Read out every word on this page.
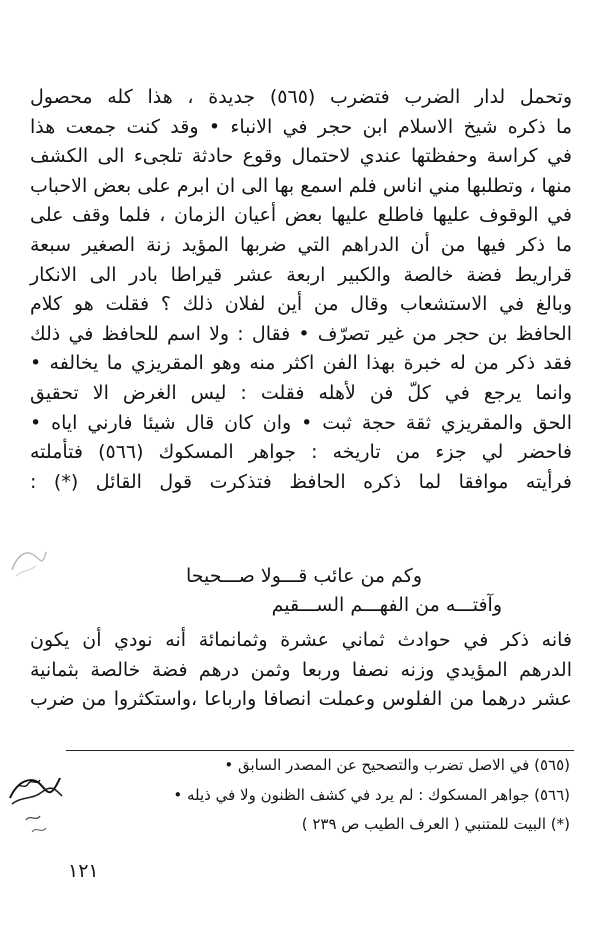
وتحمل لدار الضرب فتضرب (٥٦٥) جديدة ، هذا كله محصول
ما ذكره شيخ الاسلام ابن حجر في الانباء • وقد كنت جمعت هذا
في كراسة وحفظتها عندي لاحتمال وقوع حادثة تلجىء الى الكشف
منها ، وتطلبها مني اناس فلم اسمع بها الى ان ابرم على بعض الاحباب
في الوقوف عليها فاطلع عليها بعض أعيان الزمان ، فلما وقف على
ما ذكر فيها من أن الدراهم التي ضربها المؤيد زنة الصغير سبعة
قراريط فضة خالصة والكبير اربعة عشر قيراطا بادر الى الانكار
وبالغ في الاستشعاب وقال من أين لفلان ذلك ؟ فقلت هو كلام
الحافظ بن حجر من غير تصرّف • فقال : ولا اسم للحافظ في ذلك
فقد ذكر من له خبرة بهذا الفن اكثر منه وهو المقريزي ما يخالفه •
وانما يرجع في كلّ فن لأهله فقلت : ليس الغرض الا تحقيق
الحق والمقريزي ثقة حجة ثبت • وان كان قال شيئا فارني اياه •
فاحضر لي جزء من تاريخه : جواهر المسكوك (٥٦٦) فتأملته
فرأيته موافقا لما ذكره الحافظ فتذكرت قول القائل (*) :
وكم من عائب قـــولا صـــحيحا
وآفتـــه من الفهـــم الســـقيم
فانه ذكر في حوادث ثماني عشرة وثمانمائة أنه نودي أن يكون
الدرهم المؤيدي وزنه نصفا وربعا وثمن درهم فضة خالصة بثمانية
عشر درهما من الفلوس وعملت انصافا وارباعا ،واستكثروا من ضرب
(٥٦٥) في الاصل تضرب والتصحيح عن المصدر السابق •
(٥٦٦) جواهر المسكوك : لم يرد في كشف الظنون ولا في ذيله •
(*) البيت للمتنبي ( العرف الطيب ص ٢٣٩ )
١٢١
